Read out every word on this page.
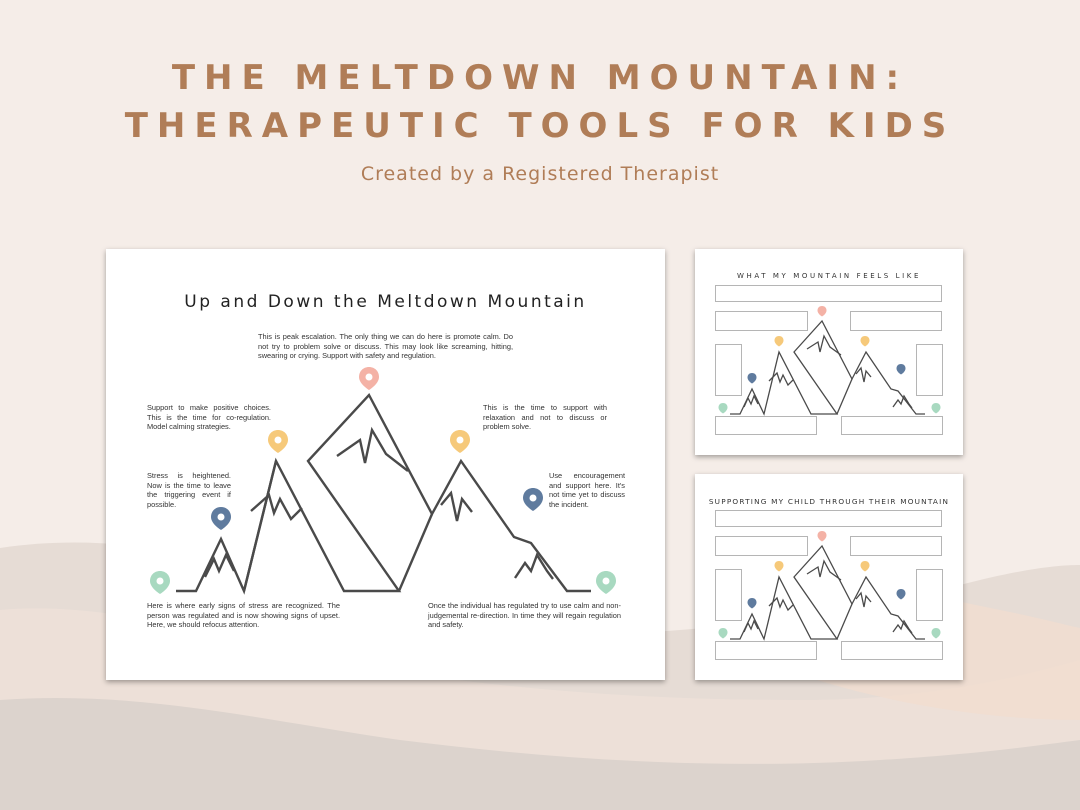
THE MELTDOWN MOUNTAIN:
THERAPEUTIC TOOLS FOR KIDS
Created by a Registered Therapist
Up and Down the Meltdown Mountain

This is peak escalation. The only thing we can do here is promote calm. Do not try to problem solve or discuss. This may look like screaming, hitting, swearing or crying. Support with safety and regulation.

Support to make positive choices. This is the time for co-regulation. Model calming strategies.

Stress is heightened. Now is the time to leave the triggering event if possible.

Here is where early signs of stress are recognized. The person was regulated and is now showing signs of upset. Here, we should refocus attention.

This is the time to support with relaxation and not to discuss or problem solve.

Use encouragement and support here. It's not time yet to discuss the incident.

Once the individual has regulated try to use calm and non-judgemental re-direction. In time they will regain regulation and safety.

WHAT MY MOUNTAIN FEELS LIKE
SUPPORTING MY CHILD THROUGH THEIR MOUNTAIN
